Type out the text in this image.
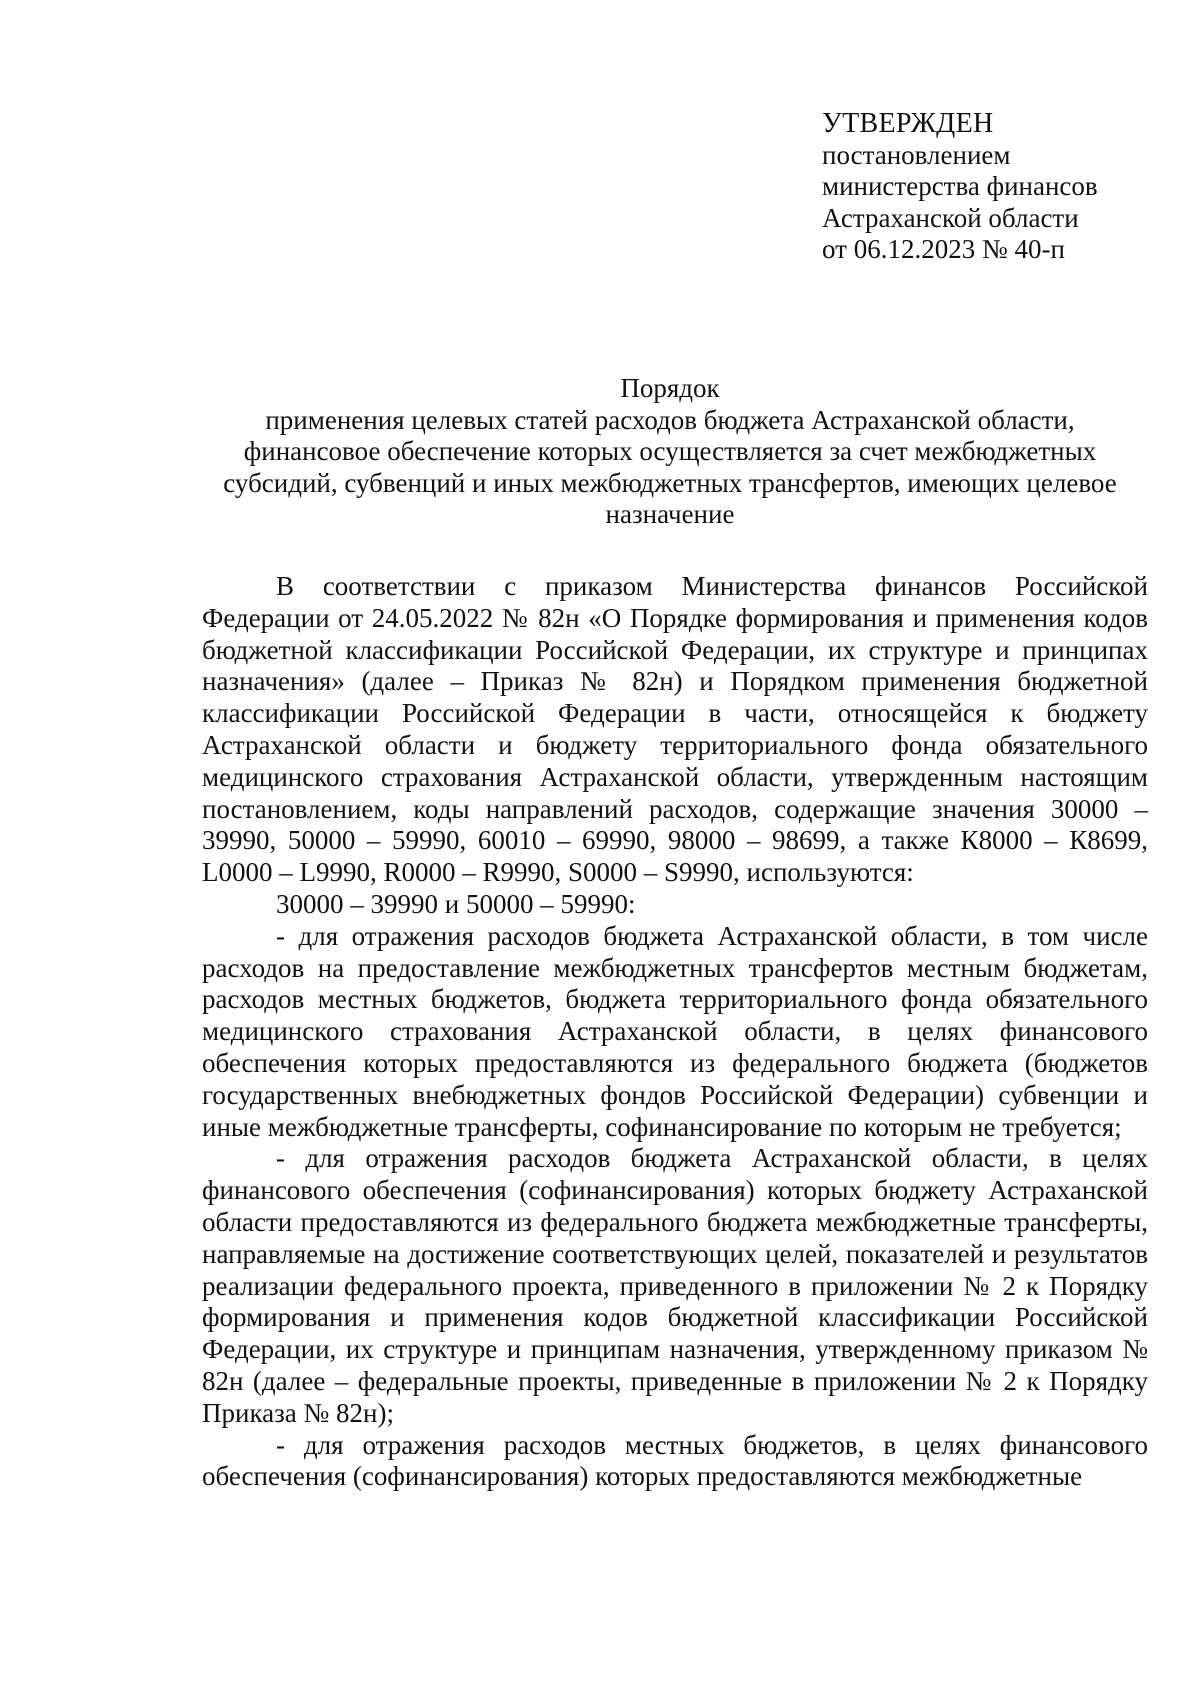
УТВЕРЖДЕН
постановлением
министерства финансов
Астраханской области
от 06.12.2023 № 40-п
Порядок
применения целевых статей расходов бюджета Астраханской области, финансовое обеспечение которых осуществляется за счет межбюджетных субсидий, субвенций и иных межбюджетных трансфертов, имеющих целевое назначение

В соответствии с приказом Министерства финансов Российской Федерации от 24.05.2022 № 82н «О Порядке формирования и применения кодов бюджетной классификации Российской Федерации, их структуре и принципах назначения» (далее – Приказ № 82н) и Порядком применения бюджетной классификации Российской Федерации в части, относящейся к бюджету Астраханской области и бюджету территориального фонда обязательного медицинского страхования Астраханской области, утвержденным настоящим постановлением, коды направлений расходов, содержащие значения 30000 – 39990, 50000 – 59990, 60010 – 69990, 98000 – 98699, а также К8000 – К8699, L0000 – L9990, R0000 – R9990, S0000 – S9990, используются:

30000 – 39990 и 50000 – 59990:

- для отражения расходов бюджета Астраханской области, в том числе расходов на предоставление межбюджетных трансфертов местным бюджетам, расходов местных бюджетов, бюджета территориального фонда обязательного медицинского страхования Астраханской области, в целях финансового обеспечения которых предоставляются из федерального бюджета (бюджетов государственных внебюджетных фондов Российской Федерации) субвенции и иные межбюджетные трансферты, софинансирование по которым не требуется;

- для отражения расходов бюджета Астраханской области, в целях финансового обеспечения (софинансирования) которых бюджету Астраханской области предоставляются из федерального бюджета межбюджетные трансферты, направляемые на достижение соответствующих целей, показателей и результатов реализации федерального проекта, приведенного в приложении № 2 к Порядку формирования и применения кодов бюджетной классификации Российской Федерации, их структуре и принципам назначения, утвержденному приказом № 82н (далее – федеральные проекты, приведенные в приложении № 2 к Порядку Приказа № 82н);

- для отражения расходов местных бюджетов, в целях финансового обеспечения (софинансирования) которых предоставляются межбюджетные
